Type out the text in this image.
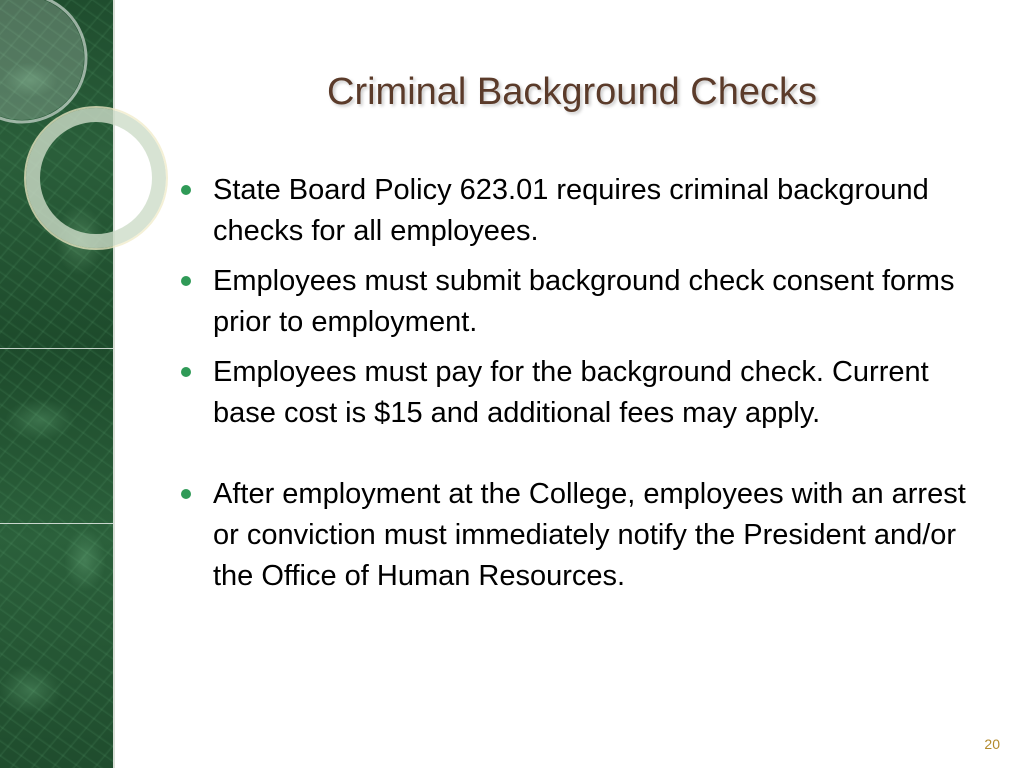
Criminal Background Checks
State Board Policy 623.01 requires criminal background checks for all employees.
Employees must submit background check consent forms prior to employment.
Employees must pay for the background check. Current base cost is $15 and additional fees may apply.
After employment at the College, employees with an arrest or conviction must immediately notify the President and/or the Office of Human Resources.
20
